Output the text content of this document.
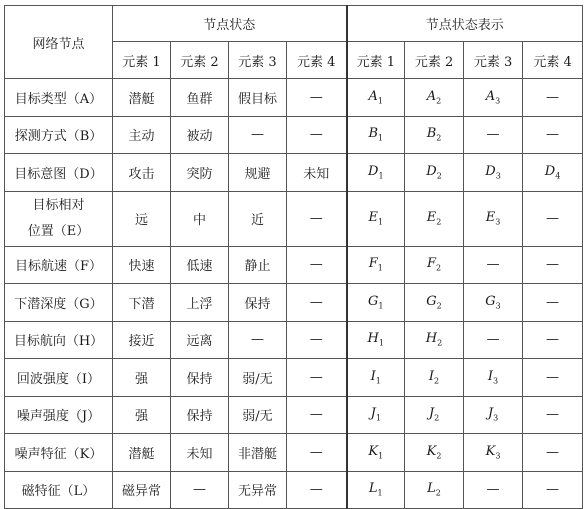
网络节点	节点状态				节点状态表示			
	元素 1	元素 2	元素 3	元素 4	元素 1	元素 2	元素 3	元素 4
目标类型（A）	潜艇	鱼群	假目标	—	$A_1$	$A_2$	$A_3$	—
探测方式（B）	主动	被动	—	—	$B_1$	$B_2$	—	—
目标意图（D）	攻击	突防	规避	未知	$D_1$	$D_2$	$D_3$	$D_4$

目标相对
位置（E）	远	中	近	—	$E_1$	$E_2$	$E_3$	—
目标航速（F）	快速	低速	静止	—	$F_1$	$F_2$	—	—
下潜深度（G）	下潜	上浮	保持	—	$G_1$	$G_2$	$G_3$	—
目标航向（H）	接近	远离	—	—	$H_1$	$H_2$	—	—
回波强度（I）	强	保持	弱/无	—	$I_1$	$I_2$	$I_3$	—
噪声强度（J）	强	保持	弱/无	—	$J_1$	$J_2$	$J_3$	—
噪声特征（K）	潜艇	未知	非潜艇	—	$K_1$	$K_2$	$K_3$	—
磁特征（L）	磁异常	—	无异常	—	$L_1$	$L_2$	—	—
